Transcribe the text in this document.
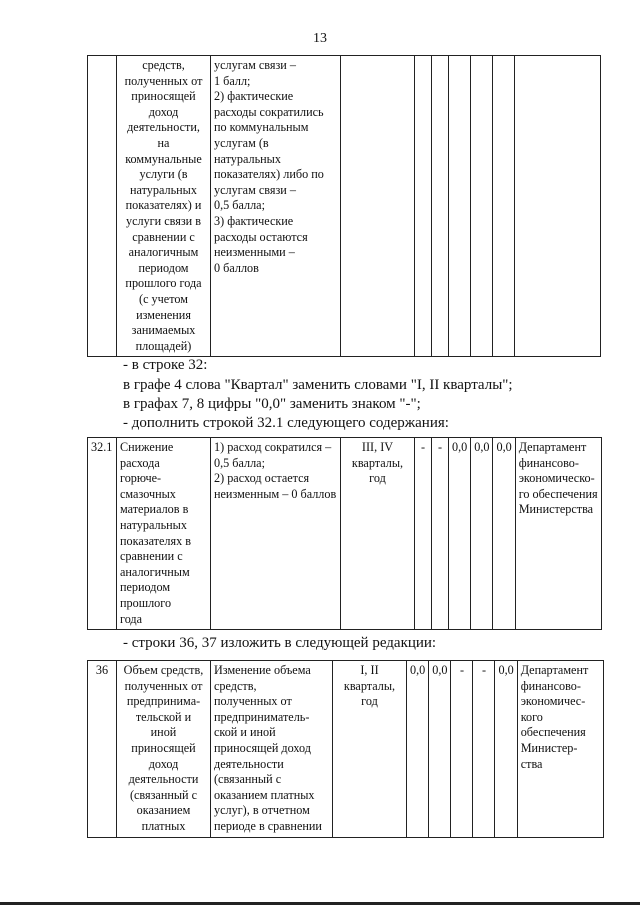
13
	средств,
полученных от
приносящей
доход
деятельности,
на
коммунальные
услуги (в
натуральных
показателях) и
услуги связи в
сравнении с
аналогичным
периодом
прошлого года
(с учетом
изменения
занимаемых
площадей)	услугам связи –
1 балл;
2) фактические
расходы сократились
по коммунальным
услугам (в
натуральных
показателях) либо по
услугам связи –
0,5 балла;
3) фактические
расходы остаются
неизменными –
0 баллов							
- в строке 32:
в графе 4 слова "Квартал" заменить словами "I, II кварталы";
в графах 7, 8 цифры "0,0" заменить знаком "-";
- дополнить строкой 32.1 следующего содержания:
32.1	Снижение
расхода
горюче-
смазочных
материалов в
натуральных
показателях в
сравнении с
аналогичным
периодом
прошлого
года	1) расход сократился –
0,5 балла;
2) расход остается
неизменным – 0 баллов	III, IV
кварталы,
год	-	-	0,0	0,0	0,0	Департамент
финансово-
экономическо-
го обеспечения
Министерства
- строки 36, 37 изложить в следующей редакции:
36	Объем средств,
полученных от
предпринима-
тельской и
иной
приносящей
доход
деятельности
(связанный с
оказанием
платных	Изменение объема
средств,
полученных от
предприниматель-
ской и иной
приносящей доход
деятельности
(связанный с
оказанием платных
услуг), в отчетном
периоде в сравнении	I, II
кварталы,
год	0,0	0,0	-	-	0,0	Департамент
финансово-
экономичес-
кого
обеспечения
Министер-
ства
